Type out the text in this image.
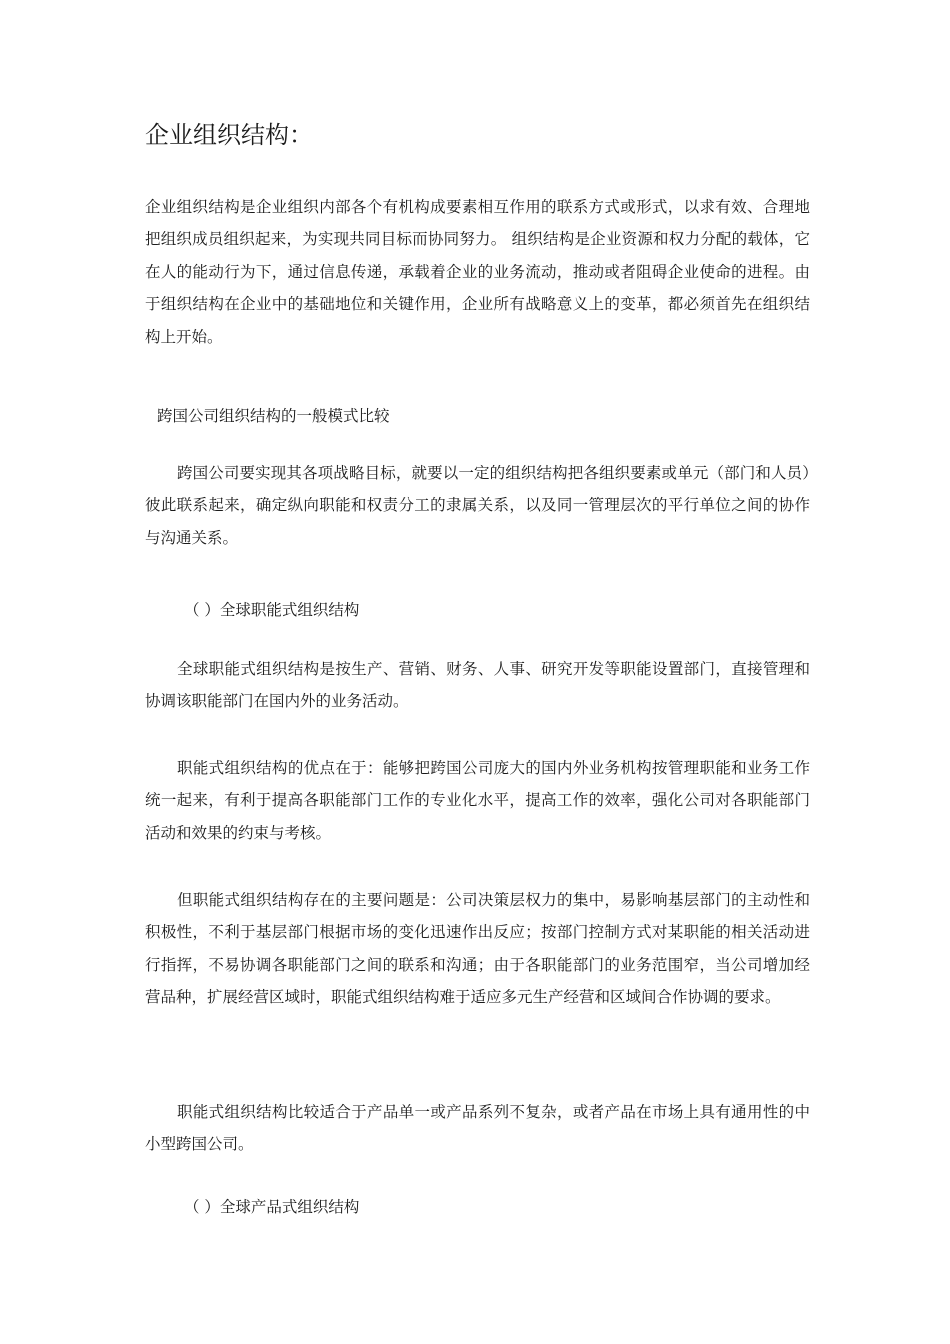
企业组织结构：

企业组织结构是企业组织内部各个有机构成要素相互作用的联系方式或形式，以求有效、合理地把组织成员组织起来，为实现共同目标而协同努力。 组织结构是企业资源和权力分配的载体，它在人的能动行为下，通过信息传递，承载着企业的业务流动，推动或者阻碍企业使命的进程。由于组织结构在企业中的基础地位和关键作用，企业所有战略意义上的变革，都必须首先在组织结构上开始。

跨国公司组织结构的一般模式比较

跨国公司要实现其各项战略目标，就要以一定的组织结构把各组织要素或单元（部门和人员）彼此联系起来，确定纵向职能和权责分工的隶属关系，以及同一管理层次的平行单位之间的协作与沟通关系。

（ ）全球职能式组织结构

全球职能式组织结构是按生产、营销、财务、人事、研究开发等职能设置部门，直接管理和协调该职能部门在国内外的业务活动。

职能式组织结构的优点在于：能够把跨国公司庞大的国内外业务机构按管理职能和业务工作统一起来，有利于提高各职能部门工作的专业化水平，提高工作的效率，强化公司对各职能部门活动和效果的约束与考核。

但职能式组织结构存在的主要问题是：公司决策层权力的集中，易影响基层部门的主动性和积极性，不利于基层部门根据市场的变化迅速作出反应；按部门控制方式对某职能的相关活动进行指挥，不易协调各职能部门之间的联系和沟通；由于各职能部门的业务范围窄，当公司增加经营品种，扩展经营区域时，职能式组织结构难于适应多元生产经营和区域间合作协调的要求。

职能式组织结构比较适合于产品单一或产品系列不复杂，或者产品在市场上具有通用性的中小型跨国公司。

（ ）全球产品式组织结构
